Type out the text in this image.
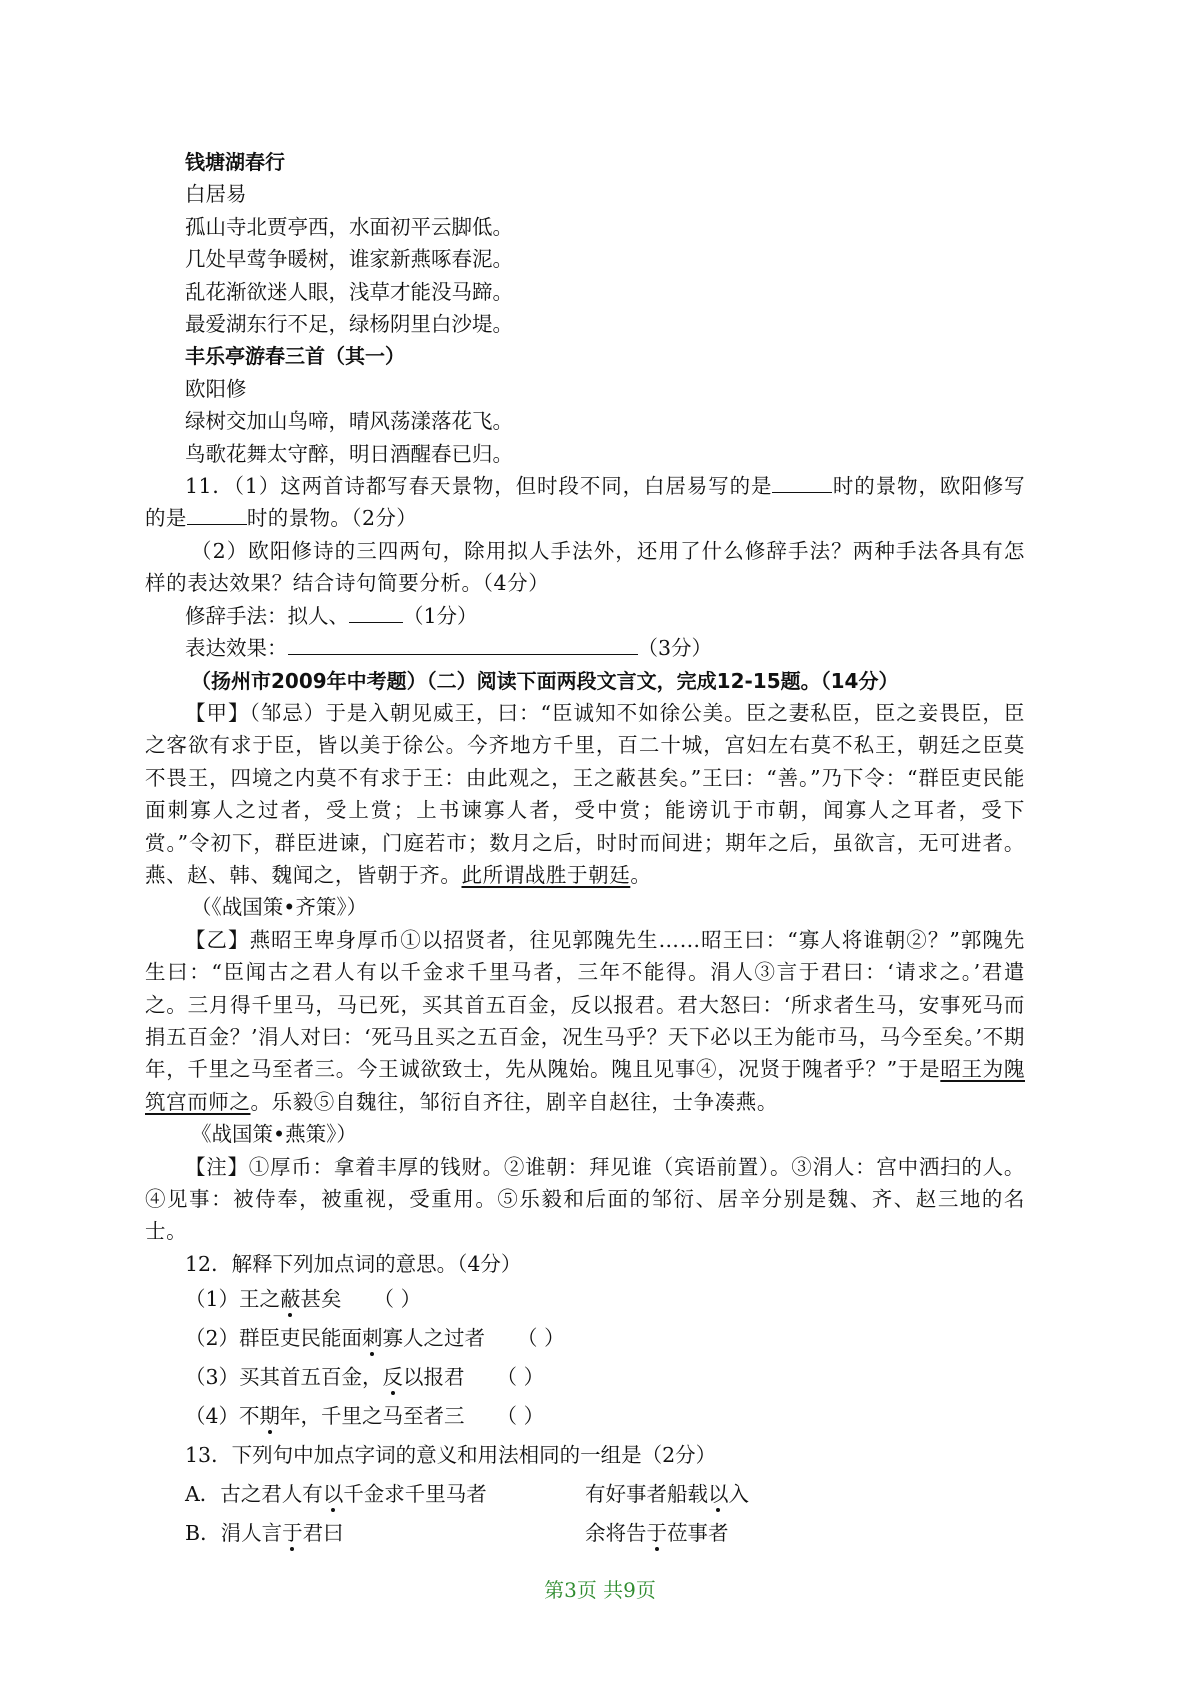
钱塘湖春行
白居易
孤山寺北贾亭西，水面初平云脚低。
几处早莺争暖树，谁家新燕啄春泥。
乱花渐欲迷人眼，浅草才能没马蹄。
最爱湖东行不足，绿杨阴里白沙堤。
丰乐亭游春三首（其一）
欧阳修
绿树交加山鸟啼，晴风荡漾落花飞。
鸟歌花舞太守醉，明日酒醒春已归。
11．（1）这两首诗都写春天景物，但时段不同，白居易写的是	时的景物，欧阳修写的是	时的景物。（2分）
（2）欧阳修诗的三四两句，除用拟人手法外，还用了什么修辞手法？两种手法各具有怎样的表达效果？结合诗句简要分析。（4分）
修辞手法：拟人、	（1分）
表达效果：	（3分）
（扬州市2009年中考题）（二）阅读下面两段文言文，完成12-15题。（14分）
【甲】（邹忌）于是入朝见威王，曰：“臣诚知不如徐公美。臣之妻私臣，臣之妾畏臣，臣之客欲有求于臣，皆以美于徐公。今齐地方千里，百二十城，宫妇左右莫不私王，朝廷之臣莫不畏王，四境之内莫不有求于王：由此观之，王之蔽甚矣。”王曰：“善。”乃下令：“群臣吏民能面刺寡人之过者，受上赏；上书谏寡人者，受中赏；能谤讥于市朝，闻寡人之耳者，受下赏。”令初下，群臣进谏，门庭若市；数月之后，时时而间进；期年之后，虽欲言，无可进者。燕、赵、韩、魏闻之，皆朝于齐。此所谓战胜于朝廷。
（《战国策•齐策》）
【乙】燕昭王卑身厚币①以招贤者，往见郭隗先生……昭王曰：“寡人将谁朝②？”郭隗先生曰：“臣闻古之君人有以千金求千里马者，三年不能得。涓人③言于君曰：‘请求之。’君遣之。三月得千里马，马已死，买其首五百金，反以报君。君大怒曰：‘所求者生马，安事死马而捐五百金？’涓人对曰：‘死马且买之五百金，况生马乎？天下必以王为能市马，马今至矣。’不期年，千里之马至者三。今王诚欲致士，先从隗始。隗且见事④，况贤于隗者乎？”于是昭王为隗筑宫而师之。乐毅⑤自魏往，邹衍自齐往，剧辛自赵往，士争凑燕。
《战国策•燕策》）
【注】①厚币：拿着丰厚的钱财。②谁朝：拜见谁（宾语前置）。③涓人：宫中洒扫的人。④见事：被侍奉，被重视，受重用。⑤乐毅和后面的邹衍、居辛分别是魏、齐、赵三地的名士。
12．解释下列加点词的意思。（4分）
（1）王之蔽甚矣 （ ）
（2）群臣吏民能面刺寡人之过者 （ ）
（3）买其首五百金，反以报君 （ ）
（4）不期年，千里之马至者三 （ ）
13．下列句中加点字词的意义和用法相同的一组是（2分）
A．古之君人有以千金求千里马者	有好事者船载以入
B．涓人言于君曰	余将告于莅事者
第3页 共9页
